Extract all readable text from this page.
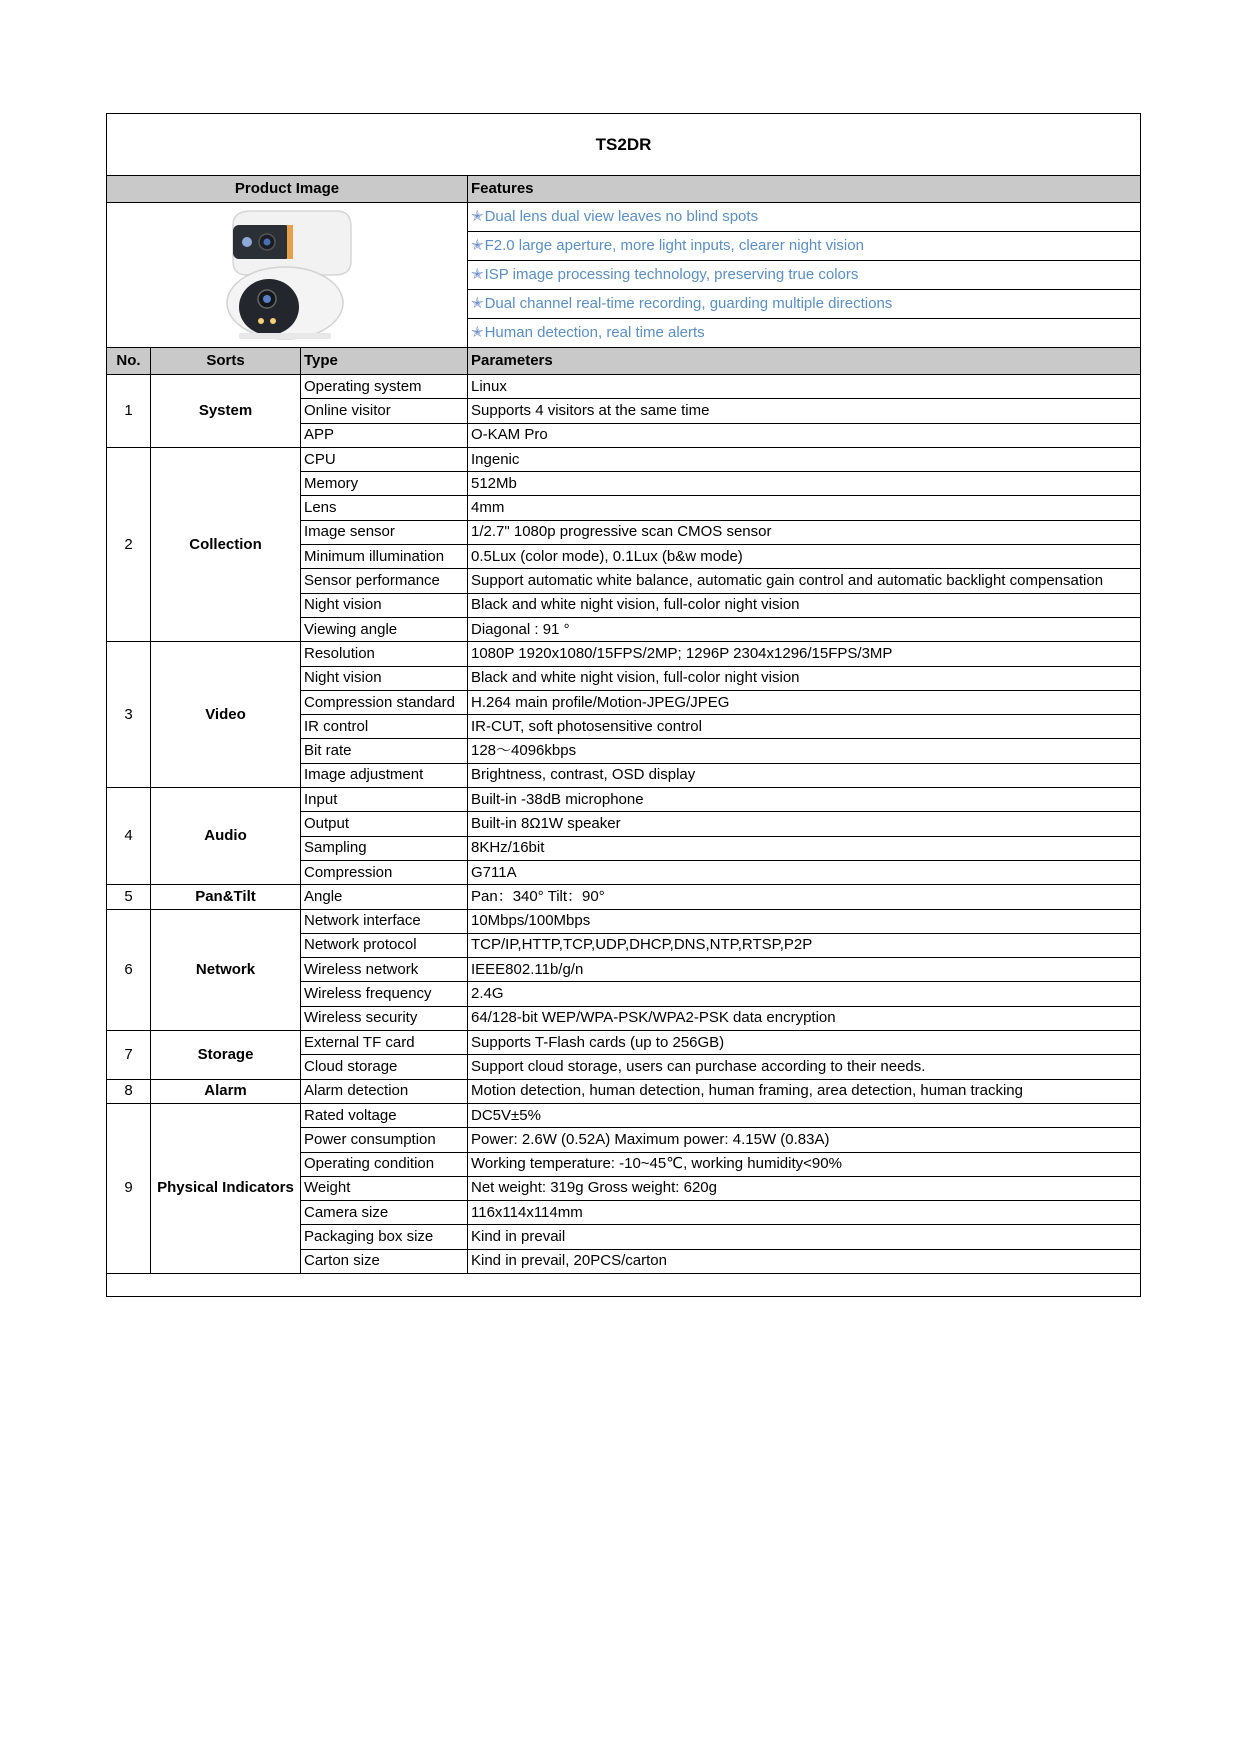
TS2DR			
Product Image			Features
	✭Dual lens dual view leaves no blind spots
			✭F2.0 large aperture, more light inputs, clearer night vision
			✭ISP image processing technology, preserving true colors
			✭Dual channel real-time recording, guarding multiple directions
			✭Human detection, real time alerts
No.	Sorts	Type	Parameters
1	System	Operating system	Linux
		Online visitor	Supports 4 visitors at the same time
		APP	O-KAM Pro
2	Collection	CPU	Ingenic
		Memory	512Mb
		Lens	4mm
		Image sensor	1/2.7" 1080p progressive scan CMOS sensor
		Minimum illumination	0.5Lux (color mode), 0.1Lux (b&w mode)
		Sensor performance	Support automatic white balance, automatic gain control and automatic backlight compensation
		Night vision	Black and white night vision, full-color night vision
		Viewing angle	Diagonal : 91 °
3	Video	Resolution	1080P 1920x1080/15FPS/2MP; 1296P 2304x1296/15FPS/3MP
		Night vision	Black and white night vision, full-color night vision
		Compression standard	H.264 main profile/Motion-JPEG/JPEG
		IR control	IR-CUT, soft photosensitive control
		Bit rate	128～4096kbps
		Image adjustment	Brightness, contrast, OSD display
4	Audio	Input	Built-in -38dB microphone
		Output	Built-in 8Ω1W speaker
		Sampling	8KHz/16bit
		Compression	G711A
5	Pan&Tilt	Angle	Pan：340° Tilt：90°
6	Network	Network interface	10Mbps/100Mbps
		Network protocol	TCP/IP,HTTP,TCP,UDP,DHCP,DNS,NTP,RTSP,P2P
		Wireless network	IEEE802.11b/g/n
		Wireless frequency	2.4G
		Wireless security	64/128-bit WEP/WPA-PSK/WPA2-PSK data encryption
7	Storage	External TF card	Supports T-Flash cards (up to 256GB)
		Cloud storage	Support cloud storage, users can purchase according to their needs.
8	Alarm	Alarm detection	Motion detection, human detection, human framing, area detection, human tracking
9	Physical Indicators	Rated voltage	DC5V±5%
		Power consumption	Power: 2.6W (0.52A) Maximum power: 4.15W (0.83A)
		Operating condition	Working temperature: -10~45℃, working humidity<90%
		Weight	Net weight: 319g Gross weight: 620g
		Camera size	116x114x114mm
		Packaging box size	Kind in prevail
		Carton size	Kind in prevail, 20PCS/carton
